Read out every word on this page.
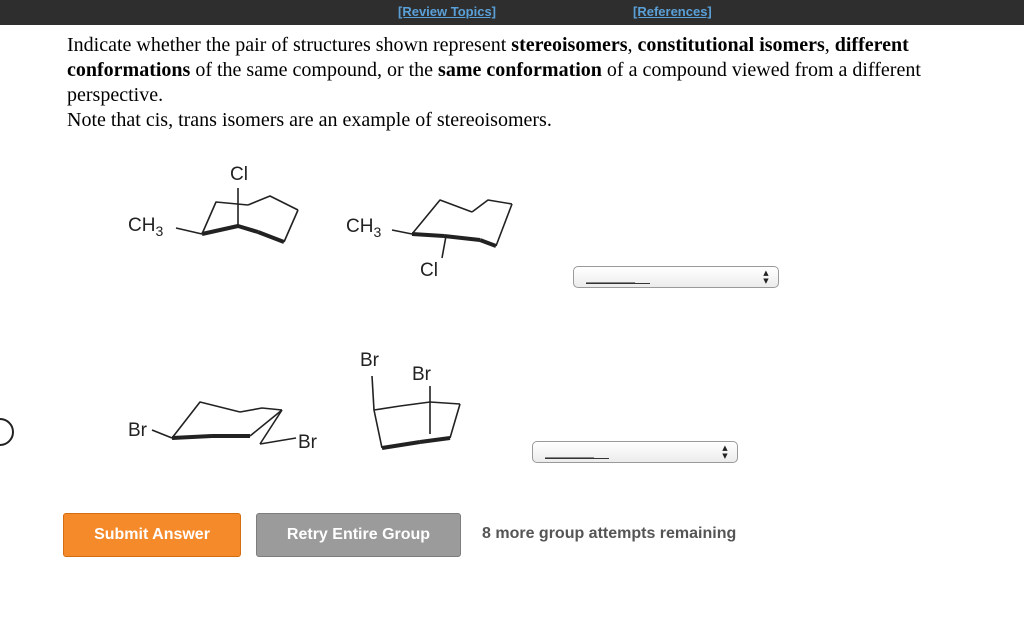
[Review Topics]	[References]

Indicate whether the pair of structures shown represent stereoisomers, constitutional isomers, different conformations of the same compound, or the same conformation of a compound viewed from a different perspective.

Note that cis, trans isomers are an example of stereoisomers.

$CH_3$
Cl
$CH_3$
Cl	________	▲
▼
Br
Br
Br
Br
________	▲
▼
Submit Answer	Retry Entire Group	8 more group attempts remaining
